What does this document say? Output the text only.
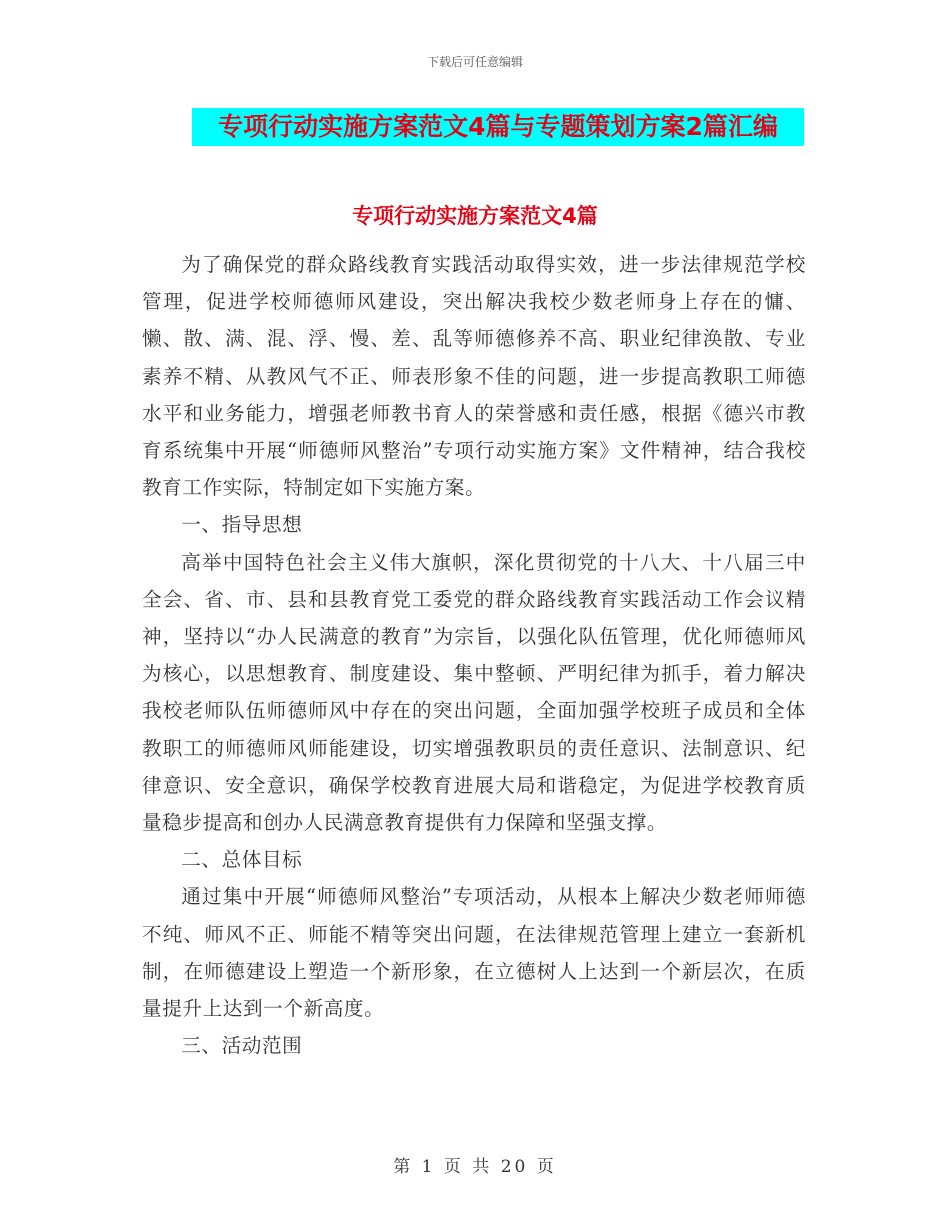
下载后可任意编辑
专项行动实施方案范文4篇与专题策划方案2篇汇编
专项行动实施方案范文4篇

为了确保党的群众路线教育实践活动取得实效，进一步法律规范学校管理，促进学校师德师风建设，突出解决我校少数老师身上存在的慵、懒、散、满、混、浮、慢、差、乱等师德修养不高、职业纪律涣散、专业素养不精、从教风气不正、师表形象不佳的问题，进一步提高教职工师德水平和业务能力，增强老师教书育人的荣誉感和责任感，根据《德兴市教育系统集中开展“师德师风整治”专项行动实施方案》文件精神，结合我校教育工作实际，特制定如下实施方案。

一、指导思想

高举中国特色社会主义伟大旗帜，深化贯彻党的十八大、十八届三中全会、省、市、县和县教育党工委党的群众路线教育实践活动工作会议精神，坚持以“办人民满意的教育”为宗旨，以强化队伍管理，优化师德师风为核心，以思想教育、制度建设、集中整顿、严明纪律为抓手，着力解决我校老师队伍师德师风中存在的突出问题，全面加强学校班子成员和全体教职工的师德师风师能建设，切实增强教职员的责任意识、法制意识、纪律意识、安全意识，确保学校教育进展大局和谐稳定，为促进学校教育质量稳步提高和创办人民满意教育提供有力保障和坚强支撑。

二、总体目标

通过集中开展“师德师风整治”专项活动，从根本上解决少数老师师德不纯、师风不正、师能不精等突出问题，在法律规范管理上建立一套新机制，在师德建设上塑造一个新形象，在立德树人上达到一个新层次，在质量提升上达到一个新高度。

三、活动范围

第 1 页 共 20 页
